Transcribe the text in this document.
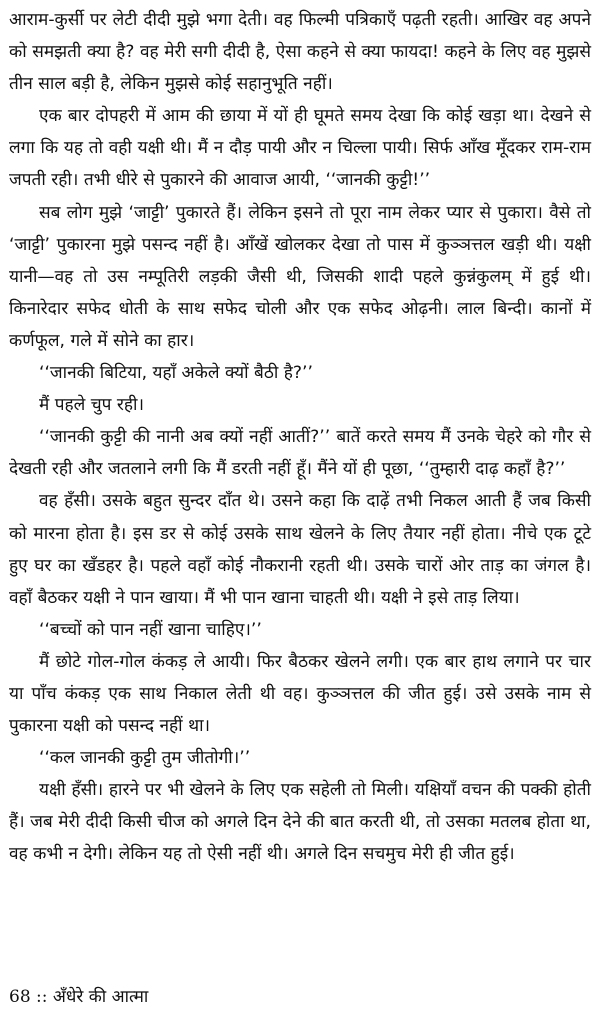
आराम-कुर्सी पर लेटी दीदी मुझे भगा देती। वह फिल्मी पत्रिकाएँ पढ़ती रहती। आखिर वह अपने को समझती क्या है? वह मेरी सगी दीदी है, ऐसा कहने से क्या फायदा! कहने के लिए वह मुझसे तीन साल बड़ी है, लेकिन मुझसे कोई सहानुभूति नहीं।

एक बार दोपहरी में आम की छाया में यों ही घूमते समय देखा कि कोई खड़ा था। देखने से लगा कि यह तो वही यक्षी थी। मैं न दौड़ पायी और न चिल्ला पायी। सिर्फ आँख मूँदकर राम-राम जपती रही। तभी धीरे से पुकारने की आवाज आयी, ‘‘जानकी कुट्टी!’’

सब लोग मुझे ‘जाट्टी’ पुकारते हैं। लेकिन इसने तो पूरा नाम लेकर प्यार से पुकारा। वैसे तो ‘जाट्टी’ पुकारना मुझे पसन्द नहीं है। आँखें खोलकर देखा तो पास में कुञ्ञत्तल खड़ी थी। यक्षी यानी—वह तो उस नम्पूतिरी लड़की जैसी थी, जिसकी शादी पहले कुन्नंकुलम् में हुई थी। किनारेदार सफेद धोती के साथ सफेद चोली और एक सफेद ओढ़नी। लाल बिन्दी। कानों में कर्णफूल, गले में सोने का हार।

‘‘जानकी बिटिया, यहाँ अकेले क्यों बैठी है?’’

मैं पहले चुप रही।

‘‘जानकी कुट्टी की नानी अब क्यों नहीं आतीं?’’ बातें करते समय मैं उनके चेहरे को गौर से देखती रही और जतलाने लगी कि मैं डरती नहीं हूँ। मैंने यों ही पूछा, ‘‘तुम्हारी दाढ़ कहाँ है?’’

वह हँसी। उसके बहुत सुन्दर दाँत थे। उसने कहा कि दाढ़ें तभी निकल आती हैं जब किसी को मारना होता है। इस डर से कोई उसके साथ खेलने के लिए तैयार नहीं होता। नीचे एक टूटे हुए घर का खँडहर है। पहले वहाँ कोई नौकरानी रहती थी। उसके चारों ओर ताड़ का जंगल है। वहाँ बैठकर यक्षी ने पान खाया। मैं भी पान खाना चाहती थी। यक्षी ने इसे ताड़ लिया।

‘‘बच्चों को पान नहीं खाना चाहिए।’’

मैं छोटे गोल-गोल कंकड़ ले आयी। फिर बैठकर खेलने लगी। एक बार हाथ लगाने पर चार या पाँच कंकड़ एक साथ निकाल लेती थी वह। कुञ्ञत्तल की जीत हुई। उसे उसके नाम से पुकारना यक्षी को पसन्द नहीं था।

‘‘कल जानकी कुट्टी तुम जीतोगी।’’

यक्षी हँसी। हारने पर भी खेलने के लिए एक सहेली तो मिली। यक्षियाँ वचन की पक्की होती हैं। जब मेरी दीदी किसी चीज को अगले दिन देने की बात करती थी, तो उसका मतलब होता था, वह कभी न देगी। लेकिन यह तो ऐसी नहीं थी। अगले दिन सचमुच मेरी ही जीत हुई।

68 :: अँधेरे की आत्मा
